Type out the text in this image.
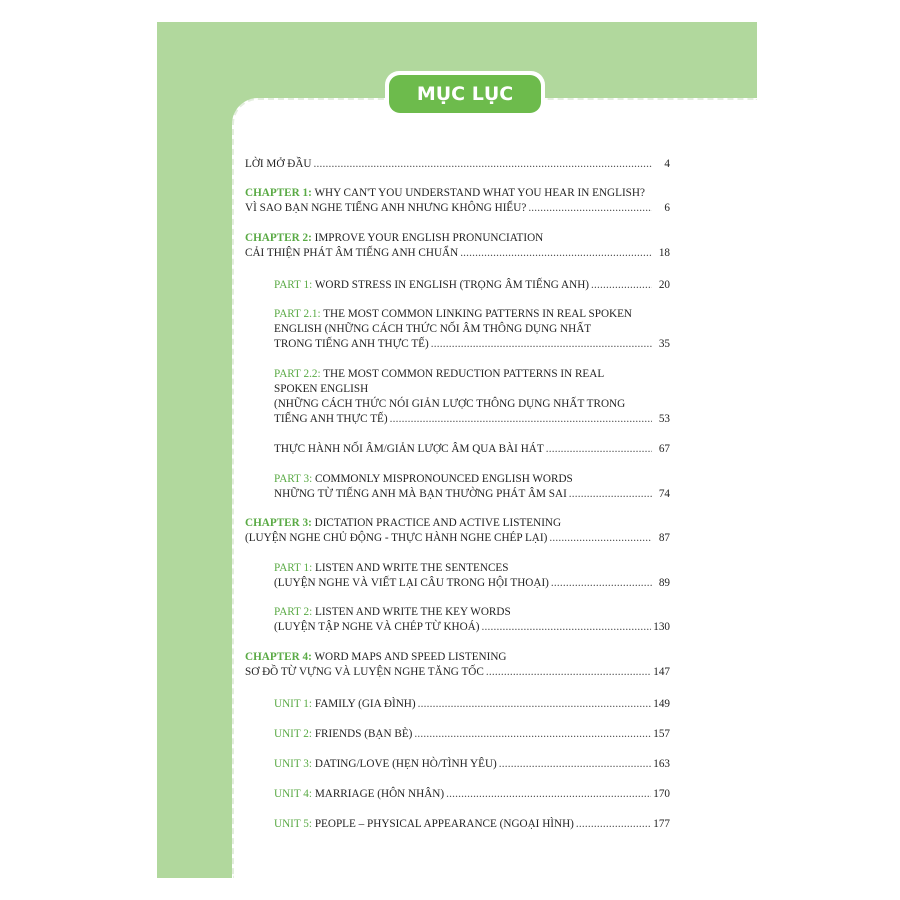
MỤC LỤC
LỜI MỞ ĐẦU .....	4
CHAPTER 1: WHY CAN'T YOU UNDERSTAND WHAT YOU HEAR IN ENGLISH?
VÌ SAO BẠN NGHE TIẾNG ANH NHƯNG KHÔNG HIỂU? .....	6
CHAPTER 2: IMPROVE YOUR ENGLISH PRONUNCIATION
CẢI THIỆN PHÁT ÂM TIẾNG ANH CHUẨN .....	18
PART 1: WORD STRESS IN ENGLISH (TRỌNG ÂM TIẾNG ANH) .....	20
PART 2.1: THE MOST COMMON LINKING PATTERNS IN REAL SPOKEN
ENGLISH (NHỮNG CÁCH THỨC NỐI ÂM THÔNG DỤNG NHẤT
TRONG TIẾNG ANH THỰC TẾ) .....	35
PART 2.2: THE MOST COMMON REDUCTION PATTERNS IN REAL
SPOKEN ENGLISH
(NHỮNG CÁCH THỨC NÓI GIẢN LƯỢC THÔNG DỤNG NHẤT TRONG
TIẾNG ANH THỰC TẾ) .....	53
THỰC HÀNH NỐI ÂM/GIẢN LƯỢC ÂM QUA BÀI HÁT .....	67
PART 3: COMMONLY MISPRONOUNCED ENGLISH WORDS
NHỮNG TỪ TIẾNG ANH MÀ BẠN THƯỜNG PHÁT ÂM SAI .....	74
CHAPTER 3: DICTATION PRACTICE AND ACTIVE LISTENING
(LUYỆN NGHE CHỦ ĐỘNG - THỰC HÀNH NGHE CHÉP LẠI) .....	87
PART 1: LISTEN AND WRITE THE SENTENCES
(LUYỆN NGHE VÀ VIẾT LẠI CÂU TRONG HỘI THOẠI) .....	89
PART 2: LISTEN AND WRITE THE KEY WORDS
(LUYỆN TẬP NGHE VÀ CHÉP TỪ KHOÁ) .....	130
CHAPTER 4: WORD MAPS AND SPEED LISTENING
SƠ ĐỒ TỪ VỰNG VÀ LUYỆN NGHE TĂNG TỐC .....	147
UNIT 1: FAMILY (GIA ĐÌNH) .....	149
UNIT 2: FRIENDS (BẠN BÈ) .....	157
UNIT 3: DATING/LOVE (HẸN HÒ/TÌNH YÊU) .....	163
UNIT 4: MARRIAGE (HÔN NHÂN) .....	170
UNIT 5: PEOPLE – PHYSICAL APPEARANCE (NGOẠI HÌNH) .....	177
